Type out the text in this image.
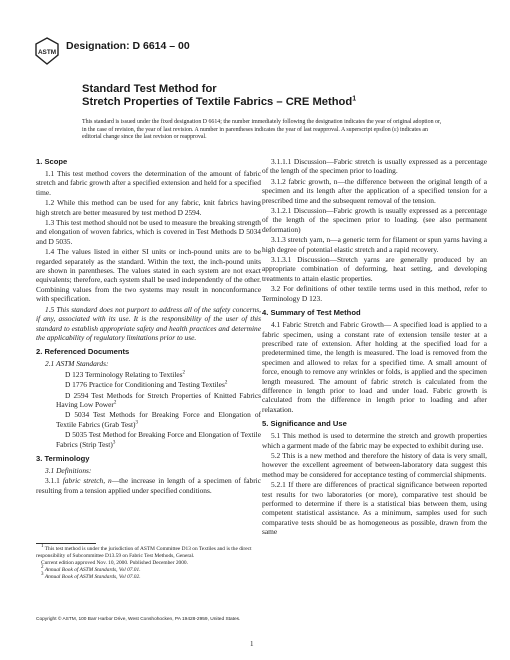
ASTM
Designation: D 6614 – 00
Standard Test Method for
Stretch Properties of Textile Fabrics – CRE Method$^1$
This standard is issued under the fixed designation D 6614; the number immediately following the designation indicates the year of original adoption or, in the case of revision, the year of last revision. A number in parentheses indicates the year of last reapproval. A superscript epsilon (ε) indicates an editorial change since the last revision or reapproval.
1. Scope

1.1 This test method covers the determination of the amount of fabric stretch and fabric growth after a specified extension and held for a specified time.

1.2 While this method can be used for any fabric, knit fabrics having high stretch are better measured by test method D 2594.

1.3 This test method should not be used to measure the breaking strength and elongation of woven fabrics, which is covered in Test Methods D 5034 and D 5035.

1.4 The values listed in either SI units or inch-pound units are to be regarded separately as the standard. Within the text, the inch-pound units are shown in parentheses. The values stated in each system are not exact equivalents; therefore, each system shall be used independently of the other. Combining values from the two systems may result in nonconformance with specification.

1.5 This standard does not purport to address all of the safety concerns, if any, associated with its use. It is the responsibility of the user of this standard to establish appropriate safety and health practices and determine the applicability of regulatory limitations prior to use.

2. Referenced Documents

2.1 ASTM Standards:

D 123 Terminology Relating to Textiles$^2$

D 1776 Practice for Conditioning and Testing Textiles$^2$

D 2594 Test Methods for Stretch Properties of Knitted Fabrics Having Low Power$^2$

D 5034 Test Methods for Breaking Force and Elongation of Textile Fabrics (Grab Test)$^3$

D 5035 Test Method for Breaking Force and Elongation of Textile Fabrics (Strip Test)$^3$

3. Terminology

3.1 Definitions:

3.1.1 fabric stretch, n—the increase in length of a specimen of fabric resulting from a tension applied under specified conditions.

$^1$ This test method is under the jurisdiction of ASTM Committee D13 on Textiles and is the direct responsibility of Subcommittee D13.59 on Fabric Test Methods, General.

Current edition approved Nov. 10, 2000. Published December 2000.

$^2$ Annual Book of ASTM Standards, Vol 07.01.

$^3$ Annual Book of ASTM Standards, Vol 07.02.

3.1.1.1 Discussion—Fabric stretch is usually expressed as a percentage of the length of the specimen prior to loading.

3.1.2 fabric growth, n—the difference between the original length of a specimen and its length after the application of a specified tension for a prescribed time and the subsequent removal of the tension.

3.1.2.1 Discussion—Fabric growth is usually expressed as a percentage of the length of the specimen prior to loading. (see also permanent deformation)

3.1.3 stretch yarn, n—a generic term for filament or spun yarns having a high degree of potential elastic stretch and a rapid recovery.

3.1.3.1 Discussion—Stretch yarns are generally produced by an appropriate combination of deforming, heat setting, and developing treatments to attain elastic properties.

3.2 For definitions of other textile terms used in this method, refer to Terminology D 123.

4. Summary of Test Method

4.1 Fabric Stretch and Fabric Growth— A specified load is applied to a fabric specimen, using a constant rate of extension tensile tester at a prescribed rate of extension. After holding at the specified load for a predetermined time, the length is measured. The load is removed from the specimen and allowed to relax for a specified time. A small amount of force, enough to remove any wrinkles or folds, is applied and the specimen length measured. The amount of fabric stretch is calculated from the difference in length prior to load and under load. Fabric growth is calculated from the difference in length prior to loading and after relaxation.

5. Significance and Use

5.1 This method is used to determine the stretch and growth properties which a garment made of the fabric may be expected to exhibit during use.

5.2 This is a new method and therefore the history of data is very small, however the excellent agreement of between-laboratory data suggest this method may be considered for acceptance testing of commercial shipments.

5.2.1 If there are differences of practical significance between reported test results for two laboratories (or more), comparative test should be performed to determine if there is a statistical bias between them, using competent statistical assistance. As a minimum, samples used for such comparative tests should be as homogeneous as possible, drawn from the same

Copyright © ASTM, 100 Barr Harbor Drive, West Conshohocken, PA 19428-2959, United States.
1
